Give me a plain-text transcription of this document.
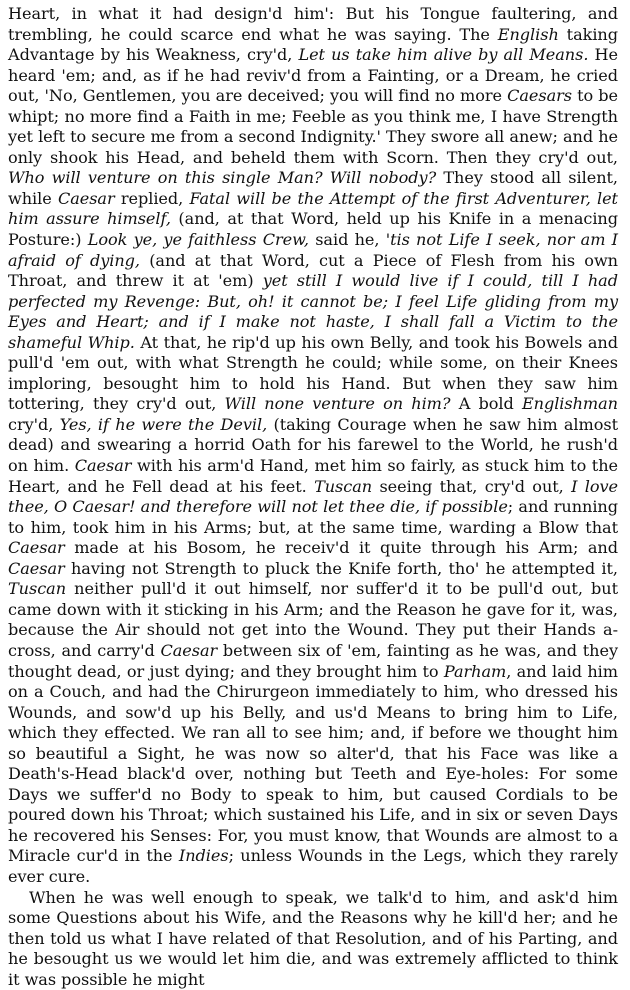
Heart, in what it had design'd him': But his Tongue faultering, and trembling, he could scarce end what he was saying. The English taking Advantage by his Weakness, cry'd, Let us take him alive by all Means. He heard 'em; and, as if he had reviv'd from a Fainting, or a Dream, he cried out, 'No, Gentlemen, you are deceived; you will find no more Caesars to be whipt; no more find a Faith in me; Feeble as you think me, I have Strength yet left to secure me from a second Indignity.' They swore all anew; and he only shook his Head, and beheld them with Scorn. Then they cry'd out, Who will venture on this single Man? Will nobody? They stood all silent, while Caesar replied, Fatal will be the Attempt of the first Adventurer, let him assure himself, (and, at that Word, held up his Knife in a menacing Posture:) Look ye, ye faithless Crew, said he, 'tis not Life I seek, nor am I afraid of dying, (and at that Word, cut a Piece of Flesh from his own Throat, and threw it at 'em) yet still I would live if I could, till I had perfected my Revenge: But, oh! it cannot be; I feel Life gliding from my Eyes and Heart; and if I make not haste, I shall fall a Victim to the shameful Whip. At that, he rip'd up his own Belly, and took his Bowels and pull'd 'em out, with what Strength he could; while some, on their Knees imploring, besought him to hold his Hand. But when they saw him tottering, they cry'd out, Will none venture on him? A bold Englishman cry'd, Yes, if he were the Devil, (taking Courage when he saw him almost dead) and swearing a horrid Oath for his farewel to the World, he rush'd on him. Caesar with his arm'd Hand, met him so fairly, as stuck him to the Heart, and he Fell dead at his feet. Tuscan seeing that, cry'd out, I love thee, O Caesar! and therefore will not let thee die, if possible; and running to him, took him in his Arms; but, at the same time, warding a Blow that Caesar made at his Bosom, he receiv'd it quite through his Arm; and Caesar having not Strength to pluck the Knife forth, tho' he attempted it, Tuscan neither pull'd it out himself, nor suffer'd it to be pull'd out, but came down with it sticking in his Arm; and the Reason he gave for it, was, because the Air should not get into the Wound. They put their Hands a-cross, and carry'd Caesar between six of 'em, fainting as he was, and they thought dead, or just dying; and they brought him to Parham, and laid him on a Couch, and had the Chirurgeon immediately to him, who dressed his Wounds, and sow'd up his Belly, and us'd Means to bring him to Life, which they effected. We ran all to see him; and, if before we thought him so beautiful a Sight, he was now so alter'd, that his Face was like a Death's-Head black'd over, nothing but Teeth and Eye-holes: For some Days we suffer'd no Body to speak to him, but caused Cordials to be poured down his Throat; which sustained his Life, and in six or seven Days he recovered his Senses: For, you must know, that Wounds are almost to a Miracle cur'd in the Indies; unless Wounds in the Legs, which they rarely ever cure.

When he was well enough to speak, we talk'd to him, and ask'd him some Questions about his Wife, and the Reasons why he kill'd her; and he then told us what I have related of that Resolution, and of his Parting, and he besought us we would let him die, and was extremely afflicted to think it was possible he might
